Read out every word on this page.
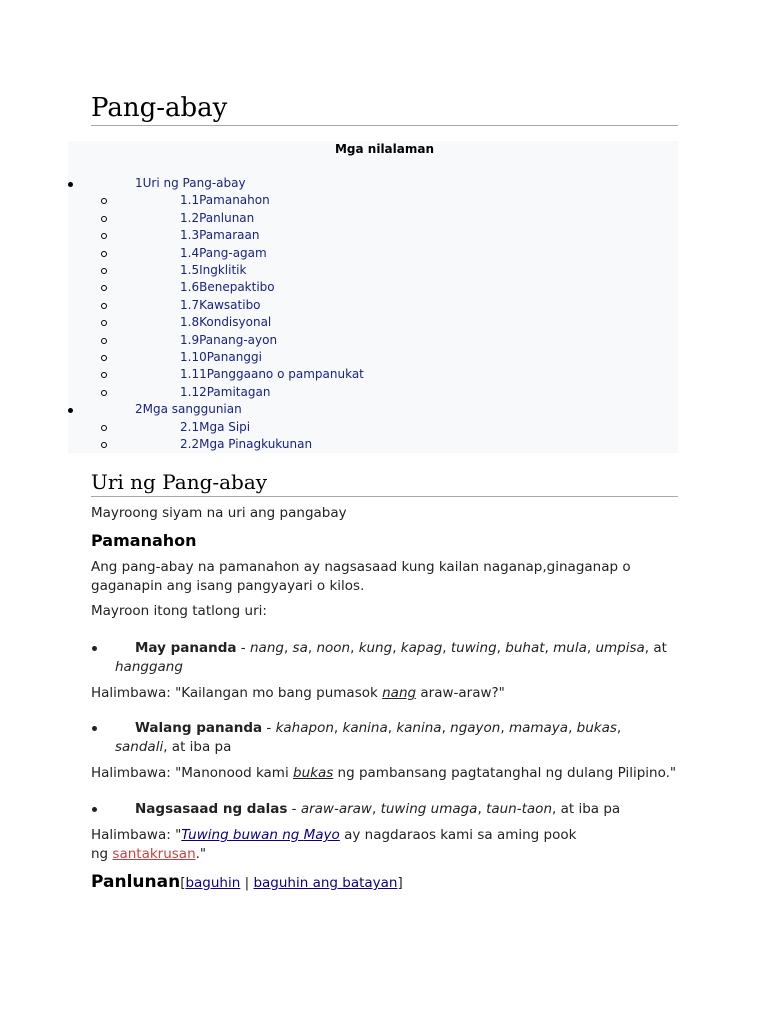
Pang-abay
Mga nilalaman
1Uri ng Pang-abay
1.1Pamanahon
1.2Panlunan
1.3Pamaraan
1.4Pang-agam
1.5Ingklitik
1.6Benepaktibo
1.7Kawsatibo
1.8Kondisyonal
1.9Panang-ayon
1.10Pananggi
1.11Panggaano o pampanukat
1.12Pamitagan
2Mga sanggunian
2.1Mga Sipi
2.2Mga Pinagkukunan
Uri ng Pang-abay

Mayroong siyam na uri ang pangabay

Pamanahon

Ang pang-abay na pamanahon ay nagsasaad kung kailan naganap,ginaganap o gaganapin ang isang pangyayari o kilos.

Mayroon itong tatlong uri:

May pananda - nang, sa, noon, kung, kapag, tuwing, buhat, mula, umpisa, at hanggang

Halimbawa: "Kailangan mo bang pumasok nang araw-araw?"

Walang pananda - kahapon, kanina, kanina, ngayon, mamaya, bukas, sandali, at iba pa

Halimbawa: "Manonood kami bukas ng pambansang pagtatanghal ng dulang Pilipino."

Nagsasaad ng dalas - araw-araw, tuwing umaga, taun-taon, at iba pa

Halimbawa: "Tuwing buwan ng Mayo ay nagdaraos kami sa aming pook ng santakrusan."

Panlunan[baguhin | baguhin ang batayan]
